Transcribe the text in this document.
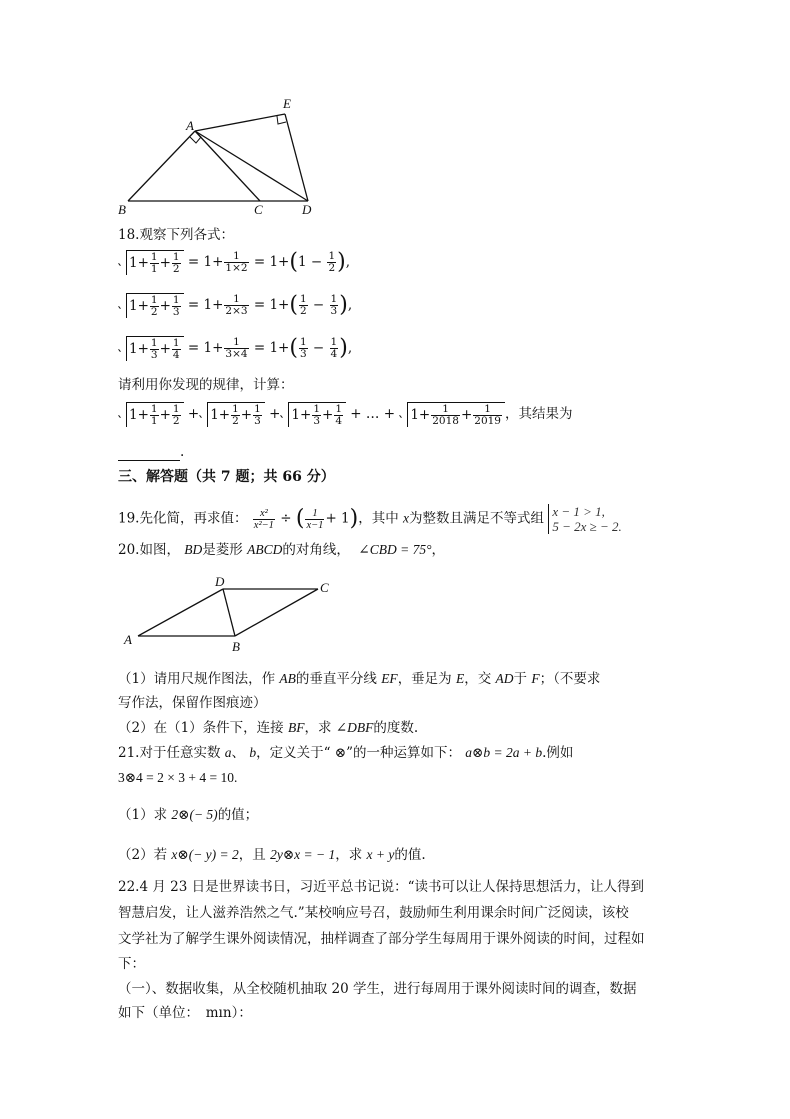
A
E
B	C	D
18.观察下列各式：
$1+ \frac{1}{1} + \frac{1}{2} = 1+ \frac{1}{1\times 2} = 1+(1 - \frac{1}{2}$ ),
$1+ \frac{1}{2} + \frac{1}{3} = 1+ \frac{1}{2\times 3} = 1+( \frac{1}{2} - \frac{1}{3}$ ),
$1+ \frac{1}{3} + \frac{1}{4} = 1+ \frac{1}{3\times 4} = 1+( \frac{1}{3} - \frac{1}{4}$ ),
请利用你发现的规律，计算：
$1+ \frac{1}{1} + \frac{1}{2} + 1+ \frac{1}{2} + \frac{1}{3} + 1+ \frac{1}{3} + \frac{1}{4}$ + … + $1+ \frac{1}{2018} + \frac{1}{2019}$ ，其结果为
.
三、解答题（共 7 题；共 66 分）
19.先化简，再求值： $\frac{\text{x²}}{\text{x²−1}}$ ÷ ( $\frac{1}{x-1} + 1$)，其中 x为整数且满足不等式组 x − 1 > 1,
5 − 2x ≥ − 2.
20.如图， BD是菱形 ABCD的对角线， ∠CBD = 75°，
D	C
A	B
（1）请用尺规作图法，作 AB的垂直平分线 EF，垂足为 E，交 AD于 F；（不要求
写作法，保留作图痕迹）
（2）在（1）条件下，连接 BF，求 ∠DBF的度数.
21.对于任意实数 a、 b，定义关于“ ⊗”的一种运算如下： a⊗b = 2a + b.例如
3⊗4 = 2 × 3 + 4 = 10.
（1）求 2⊗(− 5)的值；
（2）若 x⊗(− y) = 2，且 2y⊗x = − 1，求 x + y的值.
22.4 月 23 日是世界读书日，习近平总书记说：“读书可以让人保持思想活力，让人得到
智慧启发，让人滋养浩然之气.”某校响应号召，鼓励师生利用课余时间广泛阅读，该校
文学社为了解学生课外阅读情况，抽样调查了部分学生每周用于课外阅读的时间，过程如
下：
（一）、数据收集，从全校随机抽取 20 学生，进行每周用于课外阅读时间的调查，数据
如下（单位：　mın）：
